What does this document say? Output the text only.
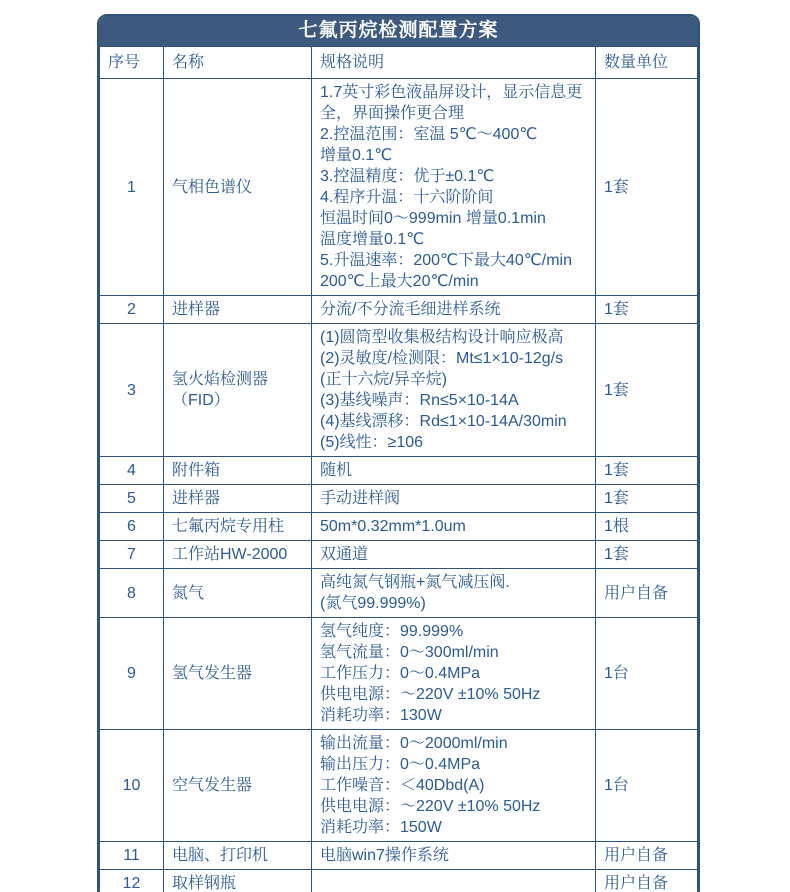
七氟丙烷检测配置方案
序号	名称	规格说明	数量单位
1	气相色谱仪	
1.7英寸彩色液晶屏设计，显示信息更全，界面操作更合理
2.控温范围：室温 5℃～400℃
增量0.1℃
3.控温精度：优于±0.1℃
4.程序升温：十六阶阶间
恒温时间0～999min 增量0.1min
温度增量0.1℃
5.升温速率：200℃下最大40℃/min
200℃上最大20℃/min
	1套
2	进样器	分流/不分流毛细进样系统	1套
3	氢火焰检测器（FID）	
(1)圆筒型收集极结构设计响应极高
(2)灵敏度/检测限：Mt≤1×10-12g/s
(正十六烷/异辛烷)
(3)基线噪声：Rn≤5×10-14A
(4)基线漂移：Rd≤1×10-14A/30min
(5)线性：≥106
	1套
4	附件箱	随机	1套
5	进样器	手动进样阀	1套
6	七氟丙烷专用柱	50m*0.32mm*1.0um	1根
7	工作站HW-2000	双通道	1套
8	氮气	高纯氮气钢瓶+氮气减压阀.
(氮气99.999%)	用户自备
9	氢气发生器	氢气纯度：99.999%
氢气流量：0～300ml/min
工作压力：0～0.4MPa
供电电源：～220V ±10% 50Hz
消耗功率：130W	1台
10	空气发生器	输出流量：0～2000ml/min
输出压力：0～0.4MPa
工作噪音：＜40Dbd(A)
供电电源：～220V ±10% 50Hz
消耗功率：150W	1台
11	电脑、打印机	电脑win7操作系统	用户自备
12	取样钢瓶		用户自备
